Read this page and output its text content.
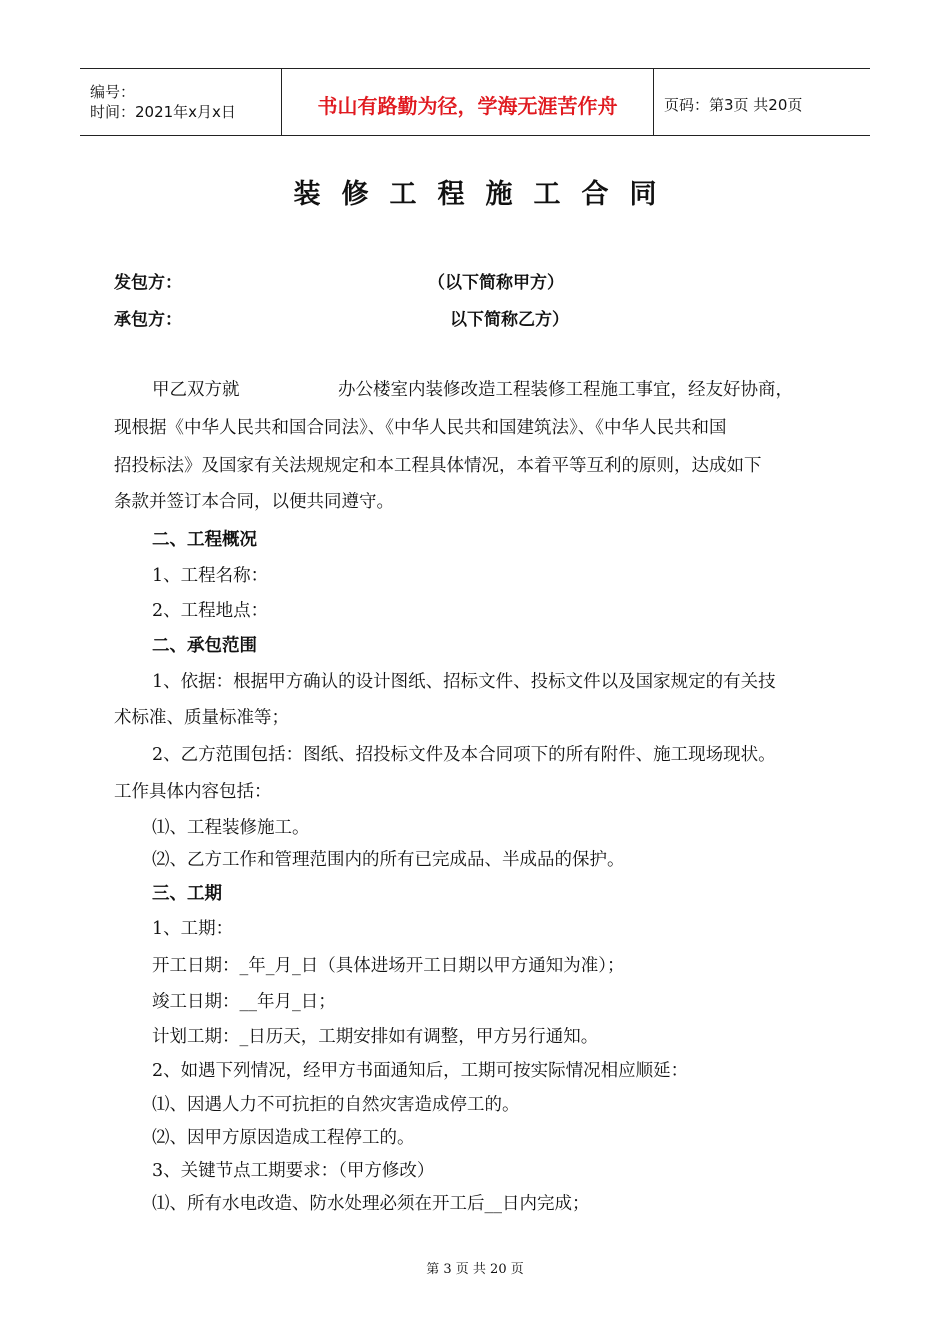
编号：
时间：2021年x月x日	书山有路勤为径，学海无涯苦作舟	页码：第3页 共20页
装修工程施工合同
发包方：	（以下简称甲方）
承包方：	以下简称乙方）
甲乙双方就	办公楼室内装修改造工程装修工程施工事宜，经友好协商，
现根据《中华人民共和国合同法》、《中华人民共和国建筑法》、《中华人民共和国
招投标法》及国家有关法规规定和本工程具体情况，本着平等互利的原则，达成如下
条款并签订本合同，以便共同遵守。
二、工程概况
1、工程名称：
2、工程地点：
二、承包范围
1、依据：根据甲方确认的设计图纸、招标文件、投标文件以及国家规定的有关技
术标准、质量标准等；
2、乙方范围包括：图纸、招投标文件及本合同项下的所有附件、施工现场现状。
工作具体内容包括：
⑴、工程装修施工。
⑵、乙方工作和管理范围内的所有已完成品、半成品的保护。
三、工期
1、工期：
开工日期：_年_月_日（具体进场开工日期以甲方通知为准）；
竣工日期：__年月_日；
计划工期：_日历天，工期安排如有调整，甲方另行通知。
2、如遇下列情况，经甲方书面通知后，工期可按实际情况相应顺延：
⑴、因遇人力不可抗拒的自然灾害造成停工的。
⑵、因甲方原因造成工程停工的。
3、关键节点工期要求：（甲方修改）
⑴、所有水电改造、防水处理必须在开工后__日内完成；
第 3 页 共 20 页
